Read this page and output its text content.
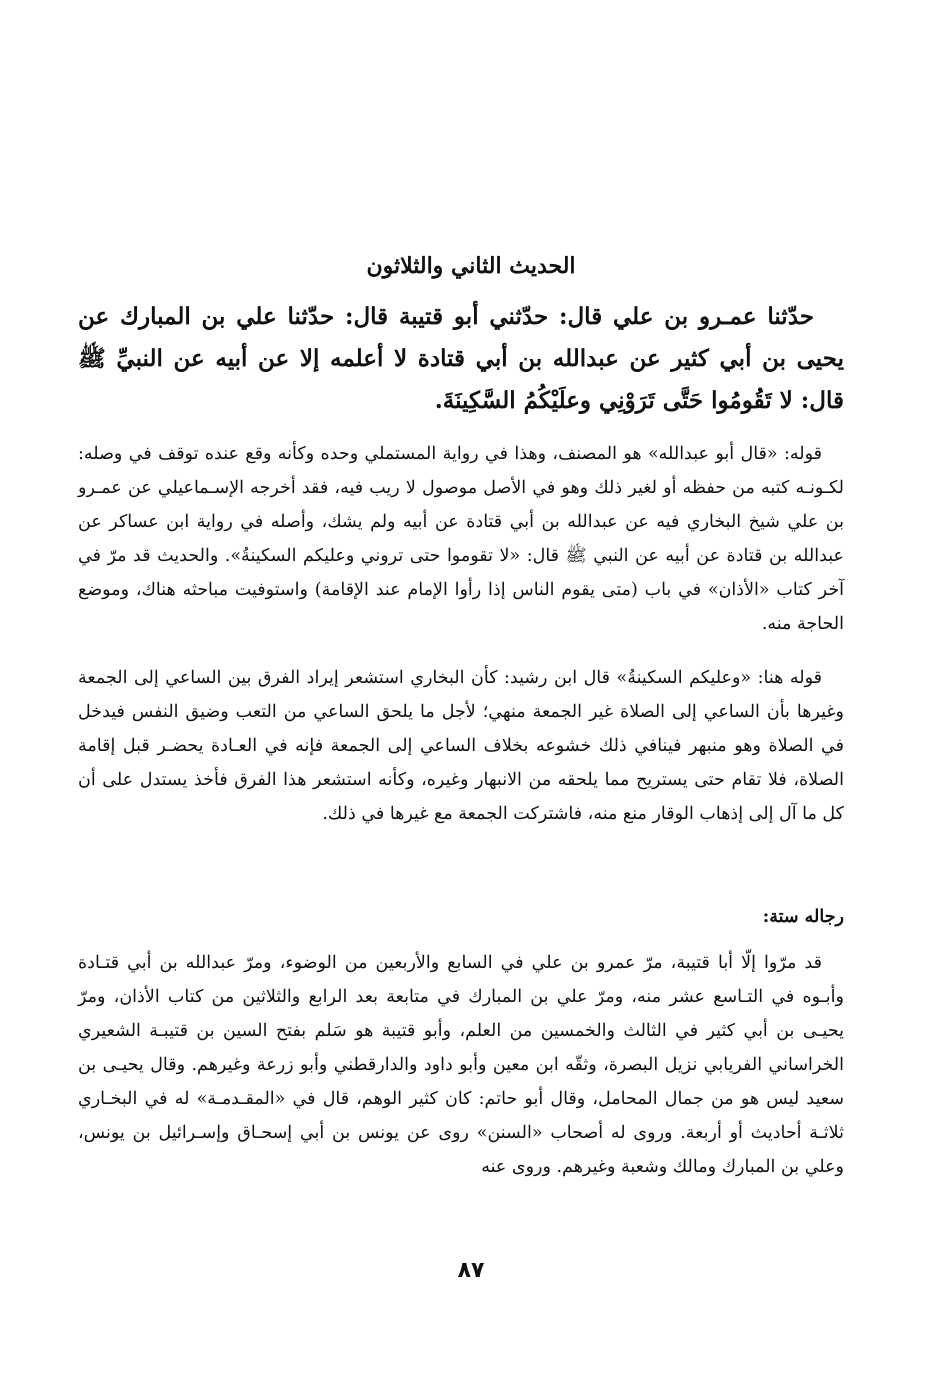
الحديث الثاني والثلاثون

حدّثنا عمـرو بن علي قال: حدّثني أبو قتيبة قال: حدّثنا علي بن المبارك عن يحيى بن أبي كثير عن عبدالله بن أبي قتادة لا أعلمه إلا عن أبيه عن النبيِّ ﷺ قال: لا تَقُومُوا حَتَّى تَرَوْنِي وعلَيْكُمُ السَّكِينَةَ.

قوله: «قال أبو عبدالله» هو المصنف، وهذا في رواية المستملي وحده وكأنه وقع عنده توقف في وصله: لكـونـه كتبه من حفظه أو لغير ذلك وهو في الأصل موصول لا ريب فيه، فقد أخرجه الإسـماعيلي عن عمـرو بن علي شيخ البخاري فيه عن عبدالله بن أبي قتادة عن أبيه ولم يشك، وأصله في رواية ابن عساكر عن عبدالله بن قتادة عن أبيه عن النبي ﷺ قال: «لا تقوموا حتى تروني وعليكم السكينةُ». والحديث قد مرّ في آخر كتاب «الأذان» في باب (متى يقوم الناس إذا رأوا الإمام عند الإقامة) واستوفيت مباحثه هناك، وموضع الحاجة منه.

قوله هنا: «وعليكم السكينةُ» قال ابن رشيد: كأن البخاري استشعر إيراد الفرق بين الساعي إلى الجمعة وغيرها بأن الساعي إلى الصلاة غير الجمعة منهي؛ لأجل ما يلحق الساعي من التعب وضيق النفس فيدخل في الصلاة وهو منبهر فينافي ذلك خشوعه بخلاف الساعي إلى الجمعة فإنه في العـادة يحضـر قبل إقامة الصلاة، فلا تقام حتى يستريح مما يلحقه من الانبهار وغيره، وكأنه استشعر هذا الفرق فأخذ يستدل على أن كل ما آل إلى إذهاب الوقار منع منه، فاشتركت الجمعة مع غيرها في ذلك.

رجاله ستة:

قد مرّوا إلّا أبا قتيبة، مرّ عمرو بن علي في السابع والأربعين من الوضوء، ومرّ عبدالله بن أبي قتـادة وأبـوه في التـاسع عشر منه، ومرّ علي بن المبارك في متابعة بعد الرابع والثلاثين من كتاب الأذان، ومرّ يحيـى بن أبي كثير في الثالث والخمسين من العلم، وأبو قتيبة هو سَلم بفتح السين بن قتيبـة الشعيري الخراساني الفريابي نزيل البصرة، وثقّه ابن معين وأبو داود والدارقطني وأبو زرعة وغيرهم. وقال يحيـى بن سعيد ليس هو من جمال المحامل، وقال أبو حاتم: كان كثير الوهم، قال في «المقـدمـة» له في البخـاري ثلاثـة أحاديث أو أربعة. وروى له أصحاب «السنن» روى عن يونس بن أبي إسحـاق وإسـرائيل بن يونس، وعلي بن المبارك ومالك وشعبة وغيرهم. وروى عنه

٨٧
